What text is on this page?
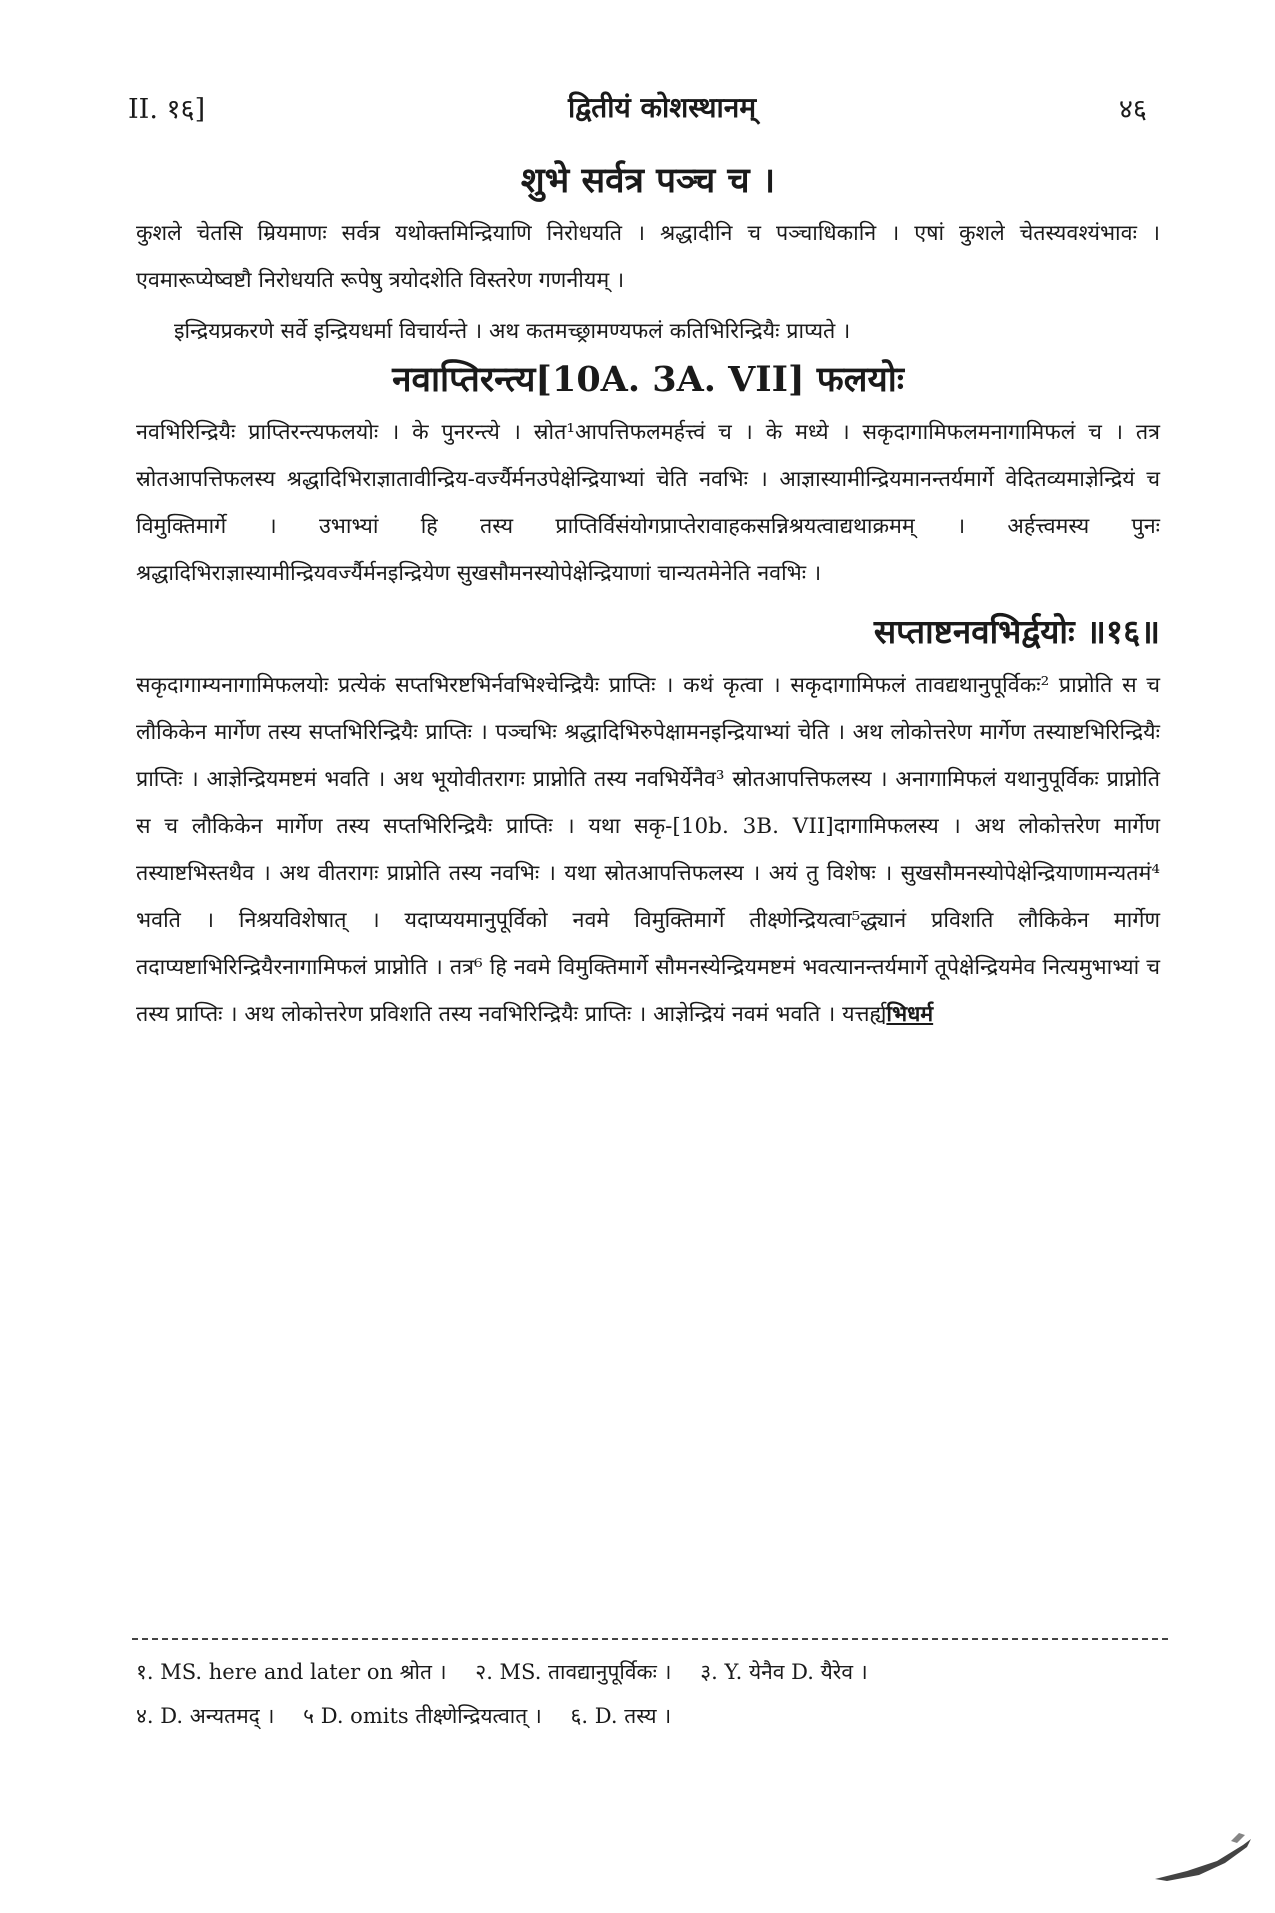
II. १६]	द्वितीयं कोशस्थानम्	४६
शुभे सर्वत्र पञ्च च ।

कुशले चेतसि म्रियमाणः सर्वत्र यथोक्तमिन्द्रियाणि निरोधयति । श्रद्धादीनि च पञ्चाधिकानि । एषां कुशले चेतस्यवश्यंभावः । एवमारूप्येष्वष्टौ निरोधयति रूपेषु त्रयोदशेति विस्तरेण गणनीयम् ।

इन्द्रियप्रकरणे सर्वे इन्द्रियधर्मा विचार्यन्ते । अथ कतमच्छ्रामण्यफलं कतिभिरिन्द्रियैः प्राप्यते ।

नवाप्तिरन्त्य[10A. 3A. VII] फलयोः

नवभिरिन्द्रियैः प्राप्तिरन्त्यफलयोः । के पुनरन्त्ये । स्रोत¹आपत्तिफलमर्हत्त्वं च । के मध्ये । सकृदागामिफलमनागामिफलं च । तत्र स्रोतआपत्तिफलस्य श्रद्धादिभिराज्ञातावीन्द्रिय-वर्ज्यैर्मनउपेक्षेन्द्रियाभ्यां चेति नवभिः । आज्ञास्यामीन्द्रियमानन्तर्यमार्गे वेदितव्यमाज्ञेन्द्रियं च विमुक्तिमार्गे । उभाभ्यां हि तस्य प्राप्तिर्विसंयोगप्राप्तेरावाहकसन्निश्रयत्वाद्यथाक्रमम् । अर्हत्त्वमस्य पुनः श्रद्धादिभिराज्ञास्यामीन्द्रियवर्ज्यैर्मनइन्द्रियेण सुखसौमनस्योपेक्षेन्द्रियाणां चान्यतमेनेति नवभिः ।

सप्ताष्टनवभिर्द्वयोः ॥१६॥

सकृदागाम्यनागामिफलयोः प्रत्येकं सप्तभिरष्टभिर्नवभिश्चेन्द्रियैः प्राप्तिः । कथं कृत्वा । सकृदागामिफलं तावद्यथानुपूर्विकः² प्राप्नोति स च लौकिकेन मार्गेण तस्य सप्तभिरिन्द्रियैः प्राप्तिः । पञ्चभिः श्रद्धादिभिरुपेक्षामनइन्द्रियाभ्यां चेति । अथ लोकोत्तरेण मार्गेण तस्याष्टभिरिन्द्रियैः प्राप्तिः । आज्ञेन्द्रियमष्टमं भवति । अथ भूयोवीतरागः प्राप्नोति तस्य नवभिर्येनैव³ स्रोतआपत्तिफलस्य । अनागामिफलं यथानुपूर्विकः प्राप्नोति स च लौकिकेन मार्गेण तस्य सप्तभिरिन्द्रियैः प्राप्तिः । यथा सकृ-[10b. 3B. VII]दागामिफलस्य । अथ लोकोत्तरेण मार्गेण तस्याष्टभिस्तथैव । अथ वीतरागः प्राप्नोति तस्य नवभिः । यथा स्रोतआपत्तिफलस्य । अयं तु विशेषः । सुखसौमनस्योपेक्षेन्द्रियाणामन्यतमं⁴ भवति । निश्रयविशेषात् । यदाप्ययमानुपूर्विको नवमे विमुक्तिमार्गे तीक्ष्णेन्द्रियत्वा⁵द्ध्यानं प्रविशति लौकिकेन मार्गेण तदाप्यष्टाभिरिन्द्रियैरनागामिफलं प्राप्नोति । तत्र⁶ हि नवमे विमुक्तिमार्गे सौमनस्येन्द्रियमष्टमं भवत्यानन्तर्यमार्गे तूपेक्षेन्द्रियमेव नित्यमुभाभ्यां च तस्य प्राप्तिः । अथ लोकोत्तरेण प्रविशति तस्य नवभिरिन्द्रियैः प्राप्तिः । आज्ञेन्द्रियं नवमं भवति । यत्तर्ह्यभिधर्म

१. MS. here and later on श्रोत । २. MS. तावद्यानुपूर्विकः । ३. Y. येनैव D. यैरेव ।
४. D. अन्यतमद् । ५ D. omits तीक्ष्णेन्द्रियत्वात् । ६. D. तस्य ।
